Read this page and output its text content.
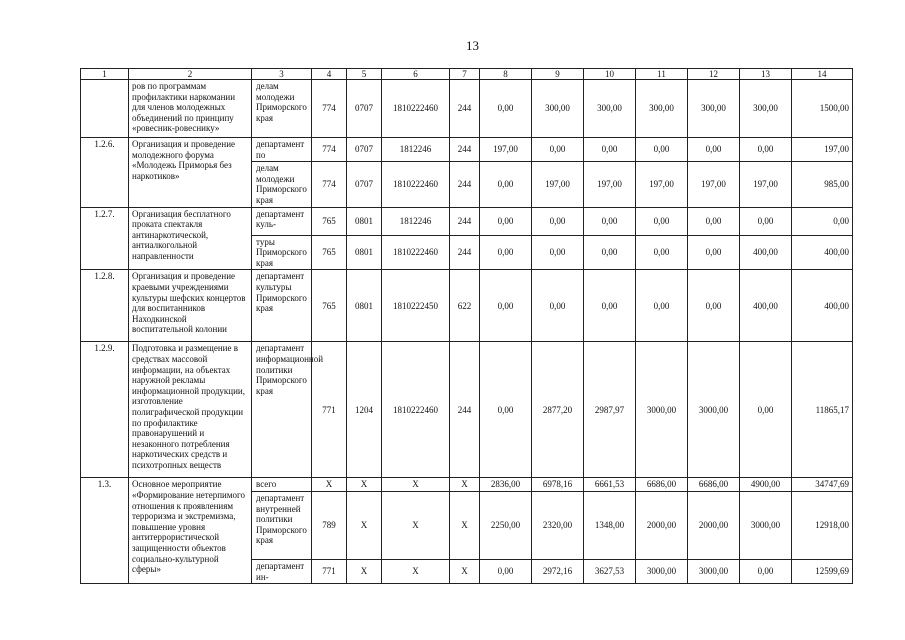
13
1	2	3	4	5	6	7	8	9	10	11	12	13	14
	ров по программам профилактики наркомании для членов молодежных объединений по принципу «ровесник-ровеснику»	делам молодежи Приморского края	774	0707	1810222460	244	0,00	300,00	300,00	300,00	300,00	300,00	1500,00
1.2.6.	Организация и проведение молодежного форума «Молодежь Приморья без наркотиков»	департамент по	774	0707	1812246	244	197,00	0,00	0,00	0,00	0,00	0,00	197,00
		делам молодежи Приморского края	774	0707	1810222460	244	0,00	197,00	197,00	197,00	197,00	197,00	985,00
1.2.7.	Организация бесплатного проката спектакля антинаркотической, антиалкогольной направленности	департамент куль-	765	0801	1812246	244	0,00	0,00	0,00	0,00	0,00	0,00	0,00
		туры Приморского края	765	0801	1810222460	244	0,00	0,00	0,00	0,00	0,00	400,00	400,00
1.2.8.	Организация и проведение краевыми учреждениями культуры шефских концертов для воспитанников Находкинской воспитательной колонии	департамент культуры Приморского края	765	0801	1810222450	622	0,00	0,00	0,00	0,00	0,00	400,00	400,00
1.2.9.	Подготовка и размещение в средствах массовой информации, на объектах наружной рекламы информационной продукции, изготовление полиграфической продукции по профилактике правонарушений и незаконного потребления наркотических средств и психотропных веществ	департамент информационной политики Приморского края	771	1204	1810222460	244	0,00	2877,20	2987,97	3000,00	3000,00	0,00	11865,17
1.3.	Основное мероприятие «Формирование нетерпимого отношения к проявлениям терроризма и экстремизма, повышение уровня антитеррористической защищенности объектов социально-культурной сферы»	всего	X	X	X	X	2836,00	6978,16	6661,53	6686,00	6686,00	4900,00	34747,69
		департамент внутренней политики Приморского края	789	X	X	X	2250,00	2320,00	1348,00	2000,00	2000,00	3000,00	12918,00
		департамент ин-	771	X	X	X	0,00	2972,16	3627,53	3000,00	3000,00	0,00	12599,69
